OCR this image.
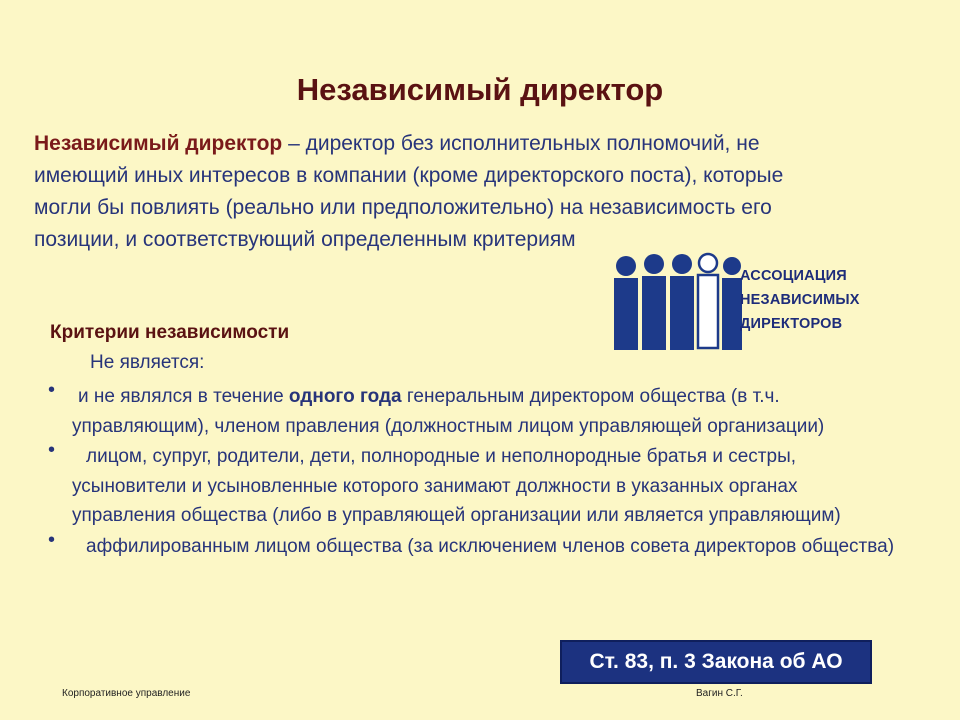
Независимый директор
Независимый директор – директор без исполнительных полномочий, не имеющий иных интересов в компании (кроме директорского поста), которые могли бы повлиять (реально или предположительно) на независимость его позиции, и соответствующий определенным критериям
АССОЦИАЦИЯ
НЕЗАВИСИМЫХ
ДИРЕКТОРОВ
Критерии независимости
Не является:
• и не являлся в течение одного года генеральным директором общества (в т.ч. управляющим), членом правления (должностным лицом управляющей организации)
• лицом, супруг, родители, дети, полнородные и неполнородные братья и сестры, усыновители и усыновленные которого занимают должности в указанных органах управления общества (либо в управляющей организации или является управляющим)
• аффилированным лицом общества (за исключением членов совета директоров общества)
Ст. 83, п. 3 Закона об АО
Корпоративное управление	Вагин С.Г.
